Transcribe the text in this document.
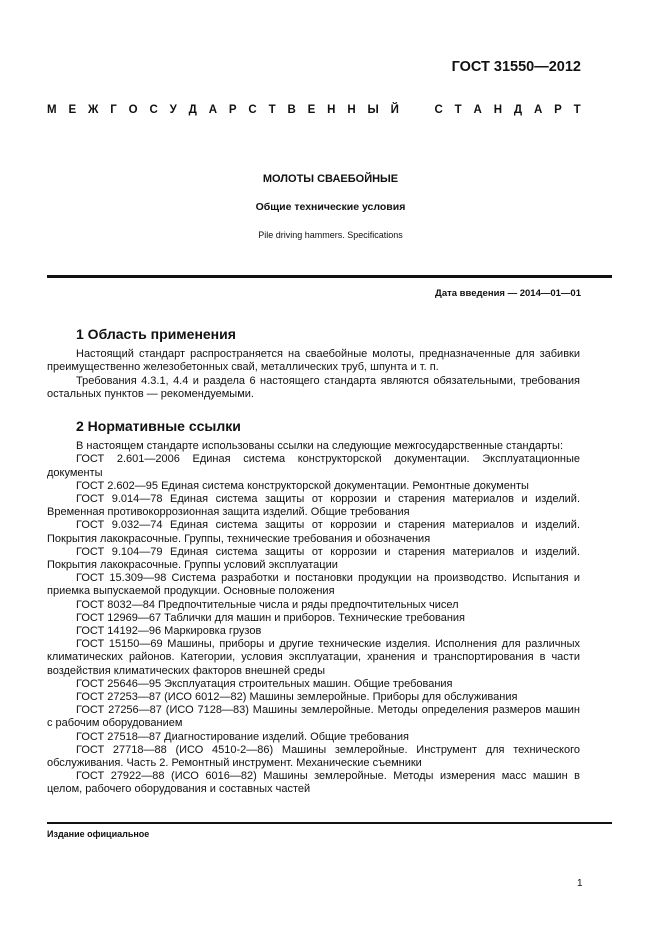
ГОСТ 31550—2012
М Е Ж Г О С У Д А Р С Т В Е Н Н Ы Й	С Т А Н Д А Р Т
МОЛОТЫ СВАЕБОЙНЫЕ
Общие технические условия
Pile driving hammers. Specifications
Дата введения — 2014—01—01
1 Область применения

Настоящий стандарт распространяется на сваебойные молоты, предназначенные для забивки преимущественно железобетонных свай, металлических труб, шпунта и т. п.

Требования 4.3.1, 4.4 и раздела 6 настоящего стандарта являются обязательными, требования остальных пунктов — рекомендуемыми.

2 Нормативные ссылки

В настоящем стандарте использованы ссылки на следующие межгосударственные стандарты:

ГОСТ 2.601—2006 Единая система конструкторской документации. Эксплуатационные документы

ГОСТ 2.602—95 Единая система конструкторской документации. Ремонтные документы

ГОСТ 9.014—78 Единая система защиты от коррозии и старения материалов и изделий. Временная противокоррозионная защита изделий. Общие требования

ГОСТ 9.032—74 Единая система защиты от коррозии и старения материалов и изделий. Покрытия лакокрасочные. Группы, технические требования и обозначения

ГОСТ 9.104—79 Единая система защиты от коррозии и старения материалов и изделий. Покрытия лакокрасочные. Группы условий эксплуатации

ГОСТ 15.309—98 Система разработки и постановки продукции на производство. Испытания и приемка выпускаемой продукции. Основные положения

ГОСТ 8032—84 Предпочтительные числа и ряды предпочтительных чисел

ГОСТ 12969—67 Таблички для машин и приборов. Технические требования

ГОСТ 14192—96 Маркировка грузов

ГОСТ 15150—69 Машины, приборы и другие технические изделия. Исполнения для различных климатических районов. Категории, условия эксплуатации, хранения и транспортирования в части воздействия климатических факторов внешней среды

ГОСТ 25646—95 Эксплуатация строительных машин. Общие требования

ГОСТ 27253—87 (ИСО 6012—82) Машины землеройные. Приборы для обслуживания

ГОСТ 27256—87 (ИСО 7128—83) Машины землеройные. Методы определения размеров машин с рабочим оборудованием

ГОСТ 27518—87 Диагностирование изделий. Общие требования

ГОСТ 27718—88 (ИСО 4510-2—86) Машины землеройные. Инструмент для технического обслуживания. Часть 2. Ремонтный инструмент. Механические съемники

ГОСТ 27922—88 (ИСО 6016—82) Машины землеройные. Методы измерения масс машин в целом, рабочего оборудования и составных частей

Издание официальное
1
